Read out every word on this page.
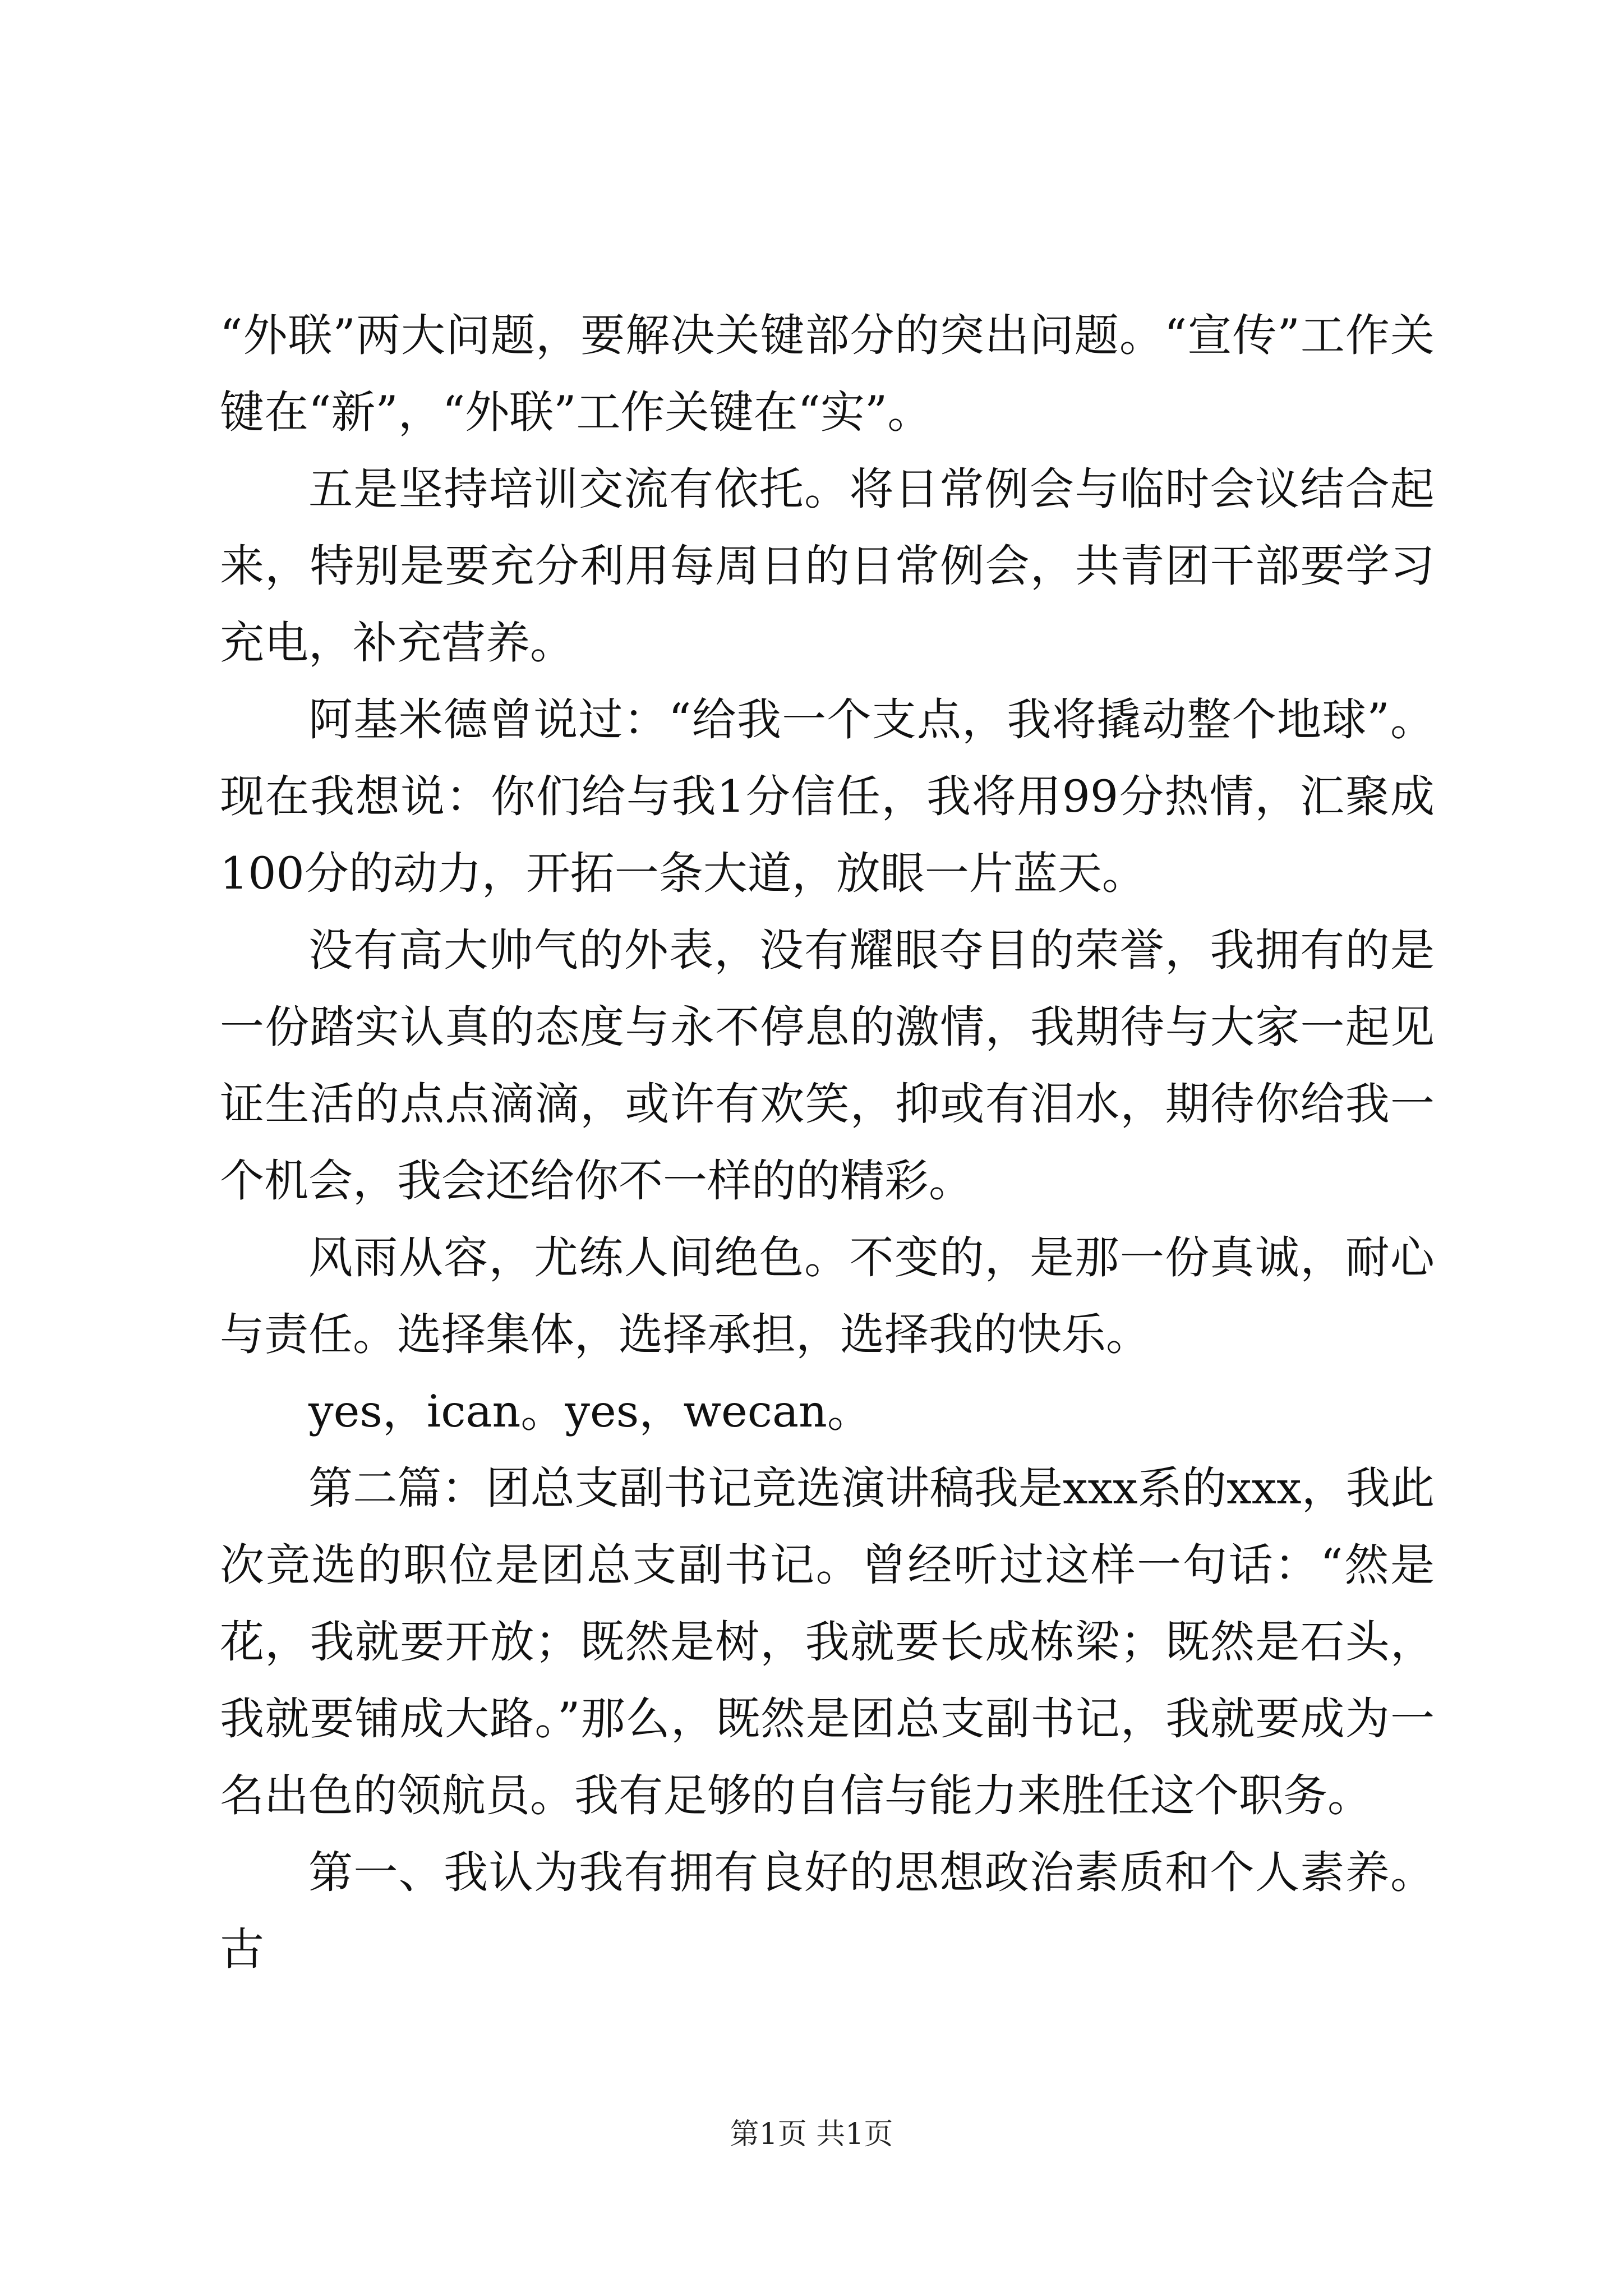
“外联”两大问题，要解决关键部分的突出问题。“宣传”工作关键在“新”，“外联”工作关键在“实”。

五是坚持培训交流有依托。将日常例会与临时会议结合起来，特别是要充分利用每周日的日常例会，共青团干部要学习充电，补充营养。

阿基米德曾说过：“给我一个支点，我将撬动整个地球”。现在我想说：你们给与我1分信任，我将用99分热情，汇聚成100分的动力，开拓一条大道，放眼一片蓝天。

没有高大帅气的外表，没有耀眼夺目的荣誉，我拥有的是一份踏实认真的态度与永不停息的激情，我期待与大家一起见证生活的点点滴滴，或许有欢笑，抑或有泪水，期待你给我一个机会，我会还给你不一样的的精彩。

风雨从容，尤练人间绝色。不变的，是那一份真诚，耐心与责任。选择集体，选择承担，选择我的快乐。

yes，ican。yes，wecan。

第二篇：团总支副书记竞选演讲稿我是xxx系的xxx，我此次竞选的职位是团总支副书记。曾经听过这样一句话：“然是花，我就要开放；既然是树，我就要长成栋梁；既然是石头，我就要铺成大路。”那么，既然是团总支副书记，我就要成为一名出色的领航员。我有足够的自信与能力来胜任这个职务。

第一、我认为我有拥有良好的思想政治素质和个人素养。古

第1页 共1页
